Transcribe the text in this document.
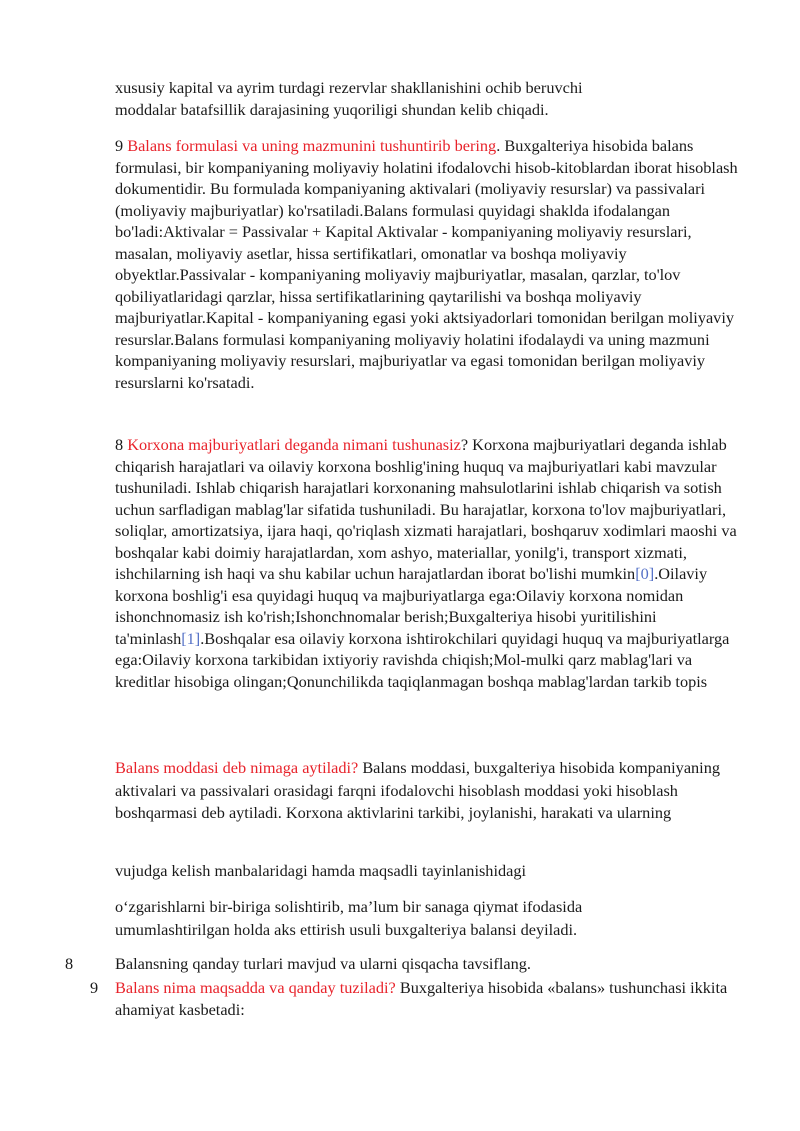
xususiy kapital va ayrim turdagi rezervlar shakllanishini ochib beruvchi
moddalar batafsillik darajasining yuqoriligi shundan kelib chiqadi.

9 Balans formulasi va uning mazmunini tushuntirib bering. Buxgalteriya hisobida balans formulasi, bir kompaniyaning moliyaviy holatini ifodalovchi hisob-kitoblardan iborat hisoblash dokumentidir. Bu formulada kompaniyaning aktivalari (moliyaviy resurslar) va passivalari (moliyaviy majburiyatlar) ko'rsatiladi.Balans formulasi quyidagi shaklda ifodalangan bo'ladi:Aktivalar = Passivalar + Kapital Aktivalar - kompaniyaning moliyaviy resurslari, masalan, moliyaviy asetlar, hissa sertifikatlari, omonatlar va boshqa moliyaviy obyektlar.Passivalar - kompaniyaning moliyaviy majburiyatlar, masalan, qarzlar, to'lov qobiliyatlaridagi qarzlar, hissa sertifikatlarining qaytarilishi va boshqa moliyaviy majburiyatlar.Kapital - kompaniyaning egasi yoki aktsiyadorlari tomonidan berilgan moliyaviy resurslar.Balans formulasi kompaniyaning moliyaviy holatini ifodalaydi va uning mazmuni kompaniyaning moliyaviy resurslari, majburiyatlar va egasi tomonidan berilgan moliyaviy resurslarni ko'rsatadi.

8 Korxona majburiyatlari deganda nimani tushunasiz? Korxona majburiyatlari deganda ishlab chiqarish harajatlari va oilaviy korxona boshlig'ining huquq va majburiyatlari kabi mavzular tushuniladi. Ishlab chiqarish harajatlari korxonaning mahsulotlarini ishlab chiqarish va sotish uchun sarfladigan mablag'lar sifatida tushuniladi. Bu harajatlar, korxona to'lov majburiyatlari, soliqlar, amortizatsiya, ijara haqi, qo'riqlash xizmati harajatlari, boshqaruv xodimlari maoshi va boshqalar kabi doimiy harajatlardan, xom ashyo, materiallar, yonilg'i, transport xizmati, ishchilarning ish haqi va shu kabilar uchun harajatlardan iborat bo'lishi mumkin[0].Oilaviy korxona boshlig'i esa quyidagi huquq va majburiyatlarga ega:Oilaviy korxona nomidan ishonchnomasiz ish ko'rish;Ishonchnomalar berish;Buxgalteriya hisobi yuritilishini ta'minlash[1].Boshqalar esa oilaviy korxona ishtirokchilari quyidagi huquq va majburiyatlarga ega:Oilaviy korxona tarkibidan ixtiyoriy ravishda chiqish;Mol-mulki qarz mablag'lari va kreditlar hisobiga olingan;Qonunchilikda taqiqlanmagan boshqa mablag'lardan tarkib topis

Balans moddasi deb nimaga aytiladi? Balans moddasi, buxgalteriya hisobida kompaniyaning aktivalari va passivalari orasidagi farqni ifodalovchi hisoblash moddasi yoki hisoblash boshqarmasi deb aytiladi. Korxona aktivlarini tarkibi, joylanishi, harakati va ularning

vujudga kelish manbalaridagi hamda maqsadli tayinlanishidagi
o‘zgarishlarni bir-biriga solishtirib, ma’lum bir sanaga qiymat ifodasida
umumlashtirilgan holda aks ettirish usuli buxgalteriya balansi deyiladi.
8	Balansning qanday turlari mavjud va ularni qisqacha tavsiflang.
9 Balans nima maqsadda va qanday tuziladi? Buxgalteriya hisobida «balans» tushunchasi ikkita ahamiyat kasbetadi:
